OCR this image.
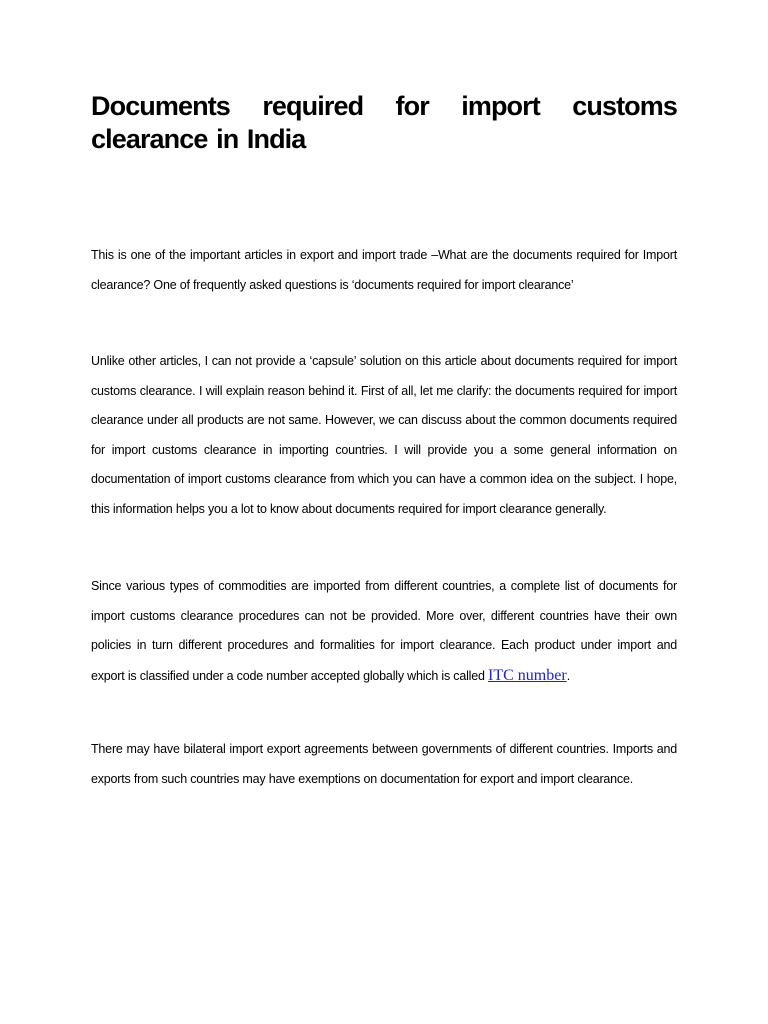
Documents required for import customs clearance in India

This is one of the important articles in export and import trade –What are the documents required for Import clearance? One of frequently asked questions is ‘documents required for import clearance’

Unlike other articles, I can not provide a ‘capsule’ solution on this article about documents required for import customs clearance. I will explain reason behind it. First of all, let me clarify: the documents required for import clearance under all products are not same. However, we can discuss about the common documents required for import customs clearance in importing countries. I will provide you a some general information on documentation of import customs clearance from which you can have a common idea on the subject. I hope, this information helps you a lot to know about documents required for import clearance generally.

Since various types of commodities are imported from different countries, a complete list of documents for import customs clearance procedures can not be provided. More over, different countries have their own policies in turn different procedures and formalities for import clearance. Each product under import and export is classified under a code number accepted globally which is called ITC number.

There may have bilateral import export agreements between governments of different countries. Imports and exports from such countries may have exemptions on documentation for export and import clearance.
